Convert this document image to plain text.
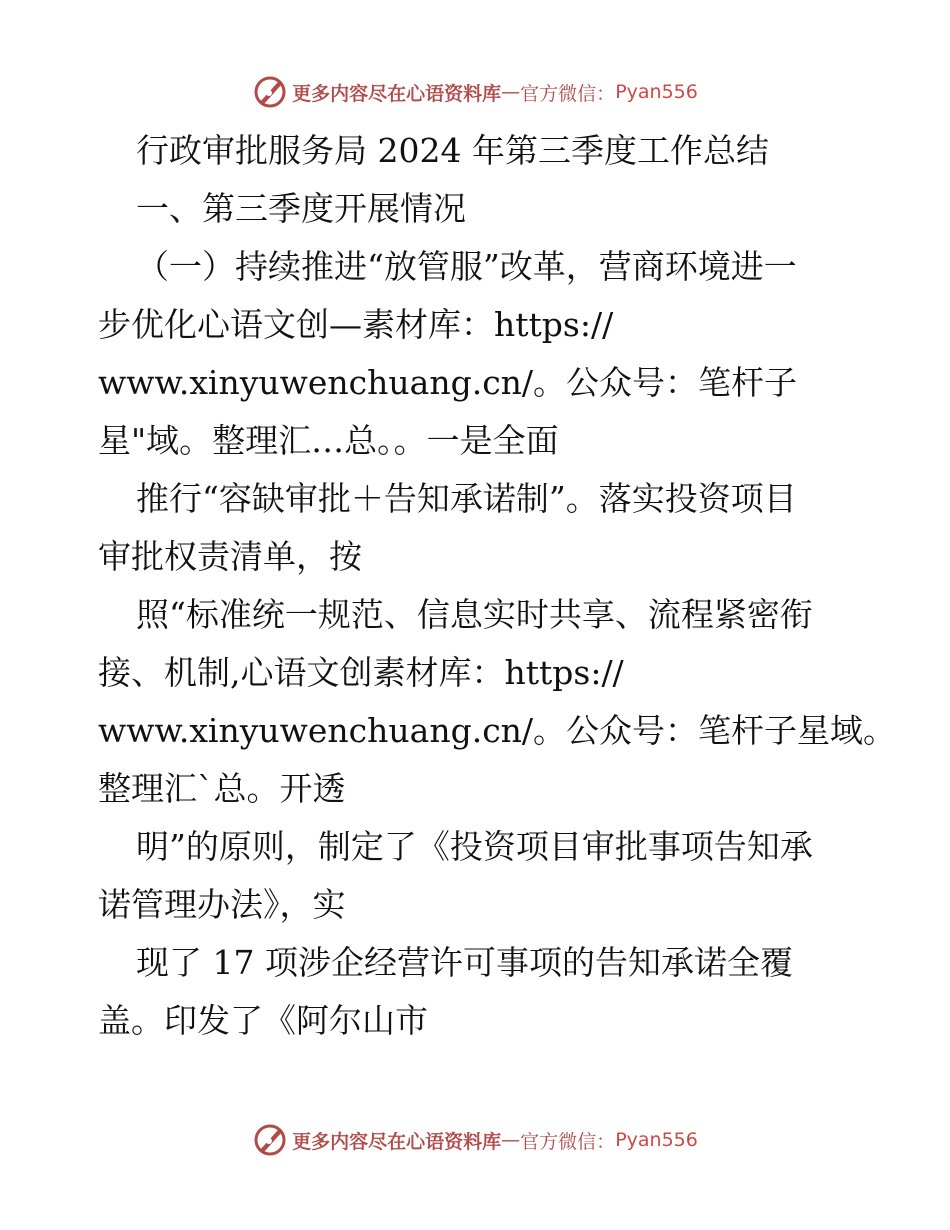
更多内容尽在心语资料库 — 官方微信： Pyan556
行政审批服务局 2024 年第三季度工作总结
一、第三季度开展情况
（一）持续推进“放管服”改革，营商环境进一
步优化心语文创—素材库：https://
www.xinyuwenchuang.cn/。公众号：笔杆子
星"域。整理汇…总。。一是全面
推行“容缺审批＋告知承诺制”。落实投资项目
审批权责清单，按
照“标准统一规范、信息实时共享、流程紧密衔
接、机制,心语文创素材库：https://
www.xinyuwenchuang.cn/。公众号：笔杆子星域。
整理汇`总。开透
明”的原则，制定了《投资项目审批事项告知承
诺管理办法》，实
现了 17 项涉企经营许可事项的告知承诺全覆
盖。印发了《阿尔山市
更多内容尽在心语资料库 — 官方微信： Pyan556
